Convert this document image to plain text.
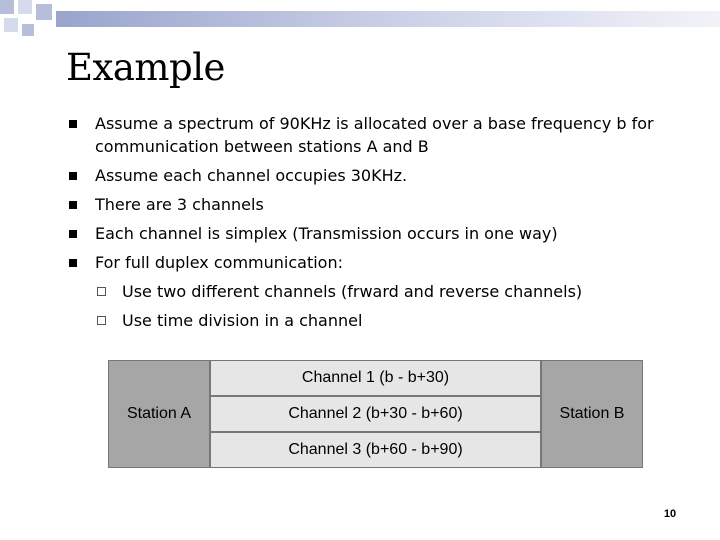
Example
Assume a spectrum of 90KHz is allocated over a base frequency b for communication between stations A and B
Assume each channel occupies 30KHz.
There are 3 channels
Each channel is simplex (Transmission occurs in one way)
For full duplex communication:
Use two different channels (frward and reverse channels)
Use time division in a channel
Station A
Channel 1 (b - b+30)
Channel 2 (b+30 - b+60)
Channel 3 (b+60 - b+90)
Station B
10
